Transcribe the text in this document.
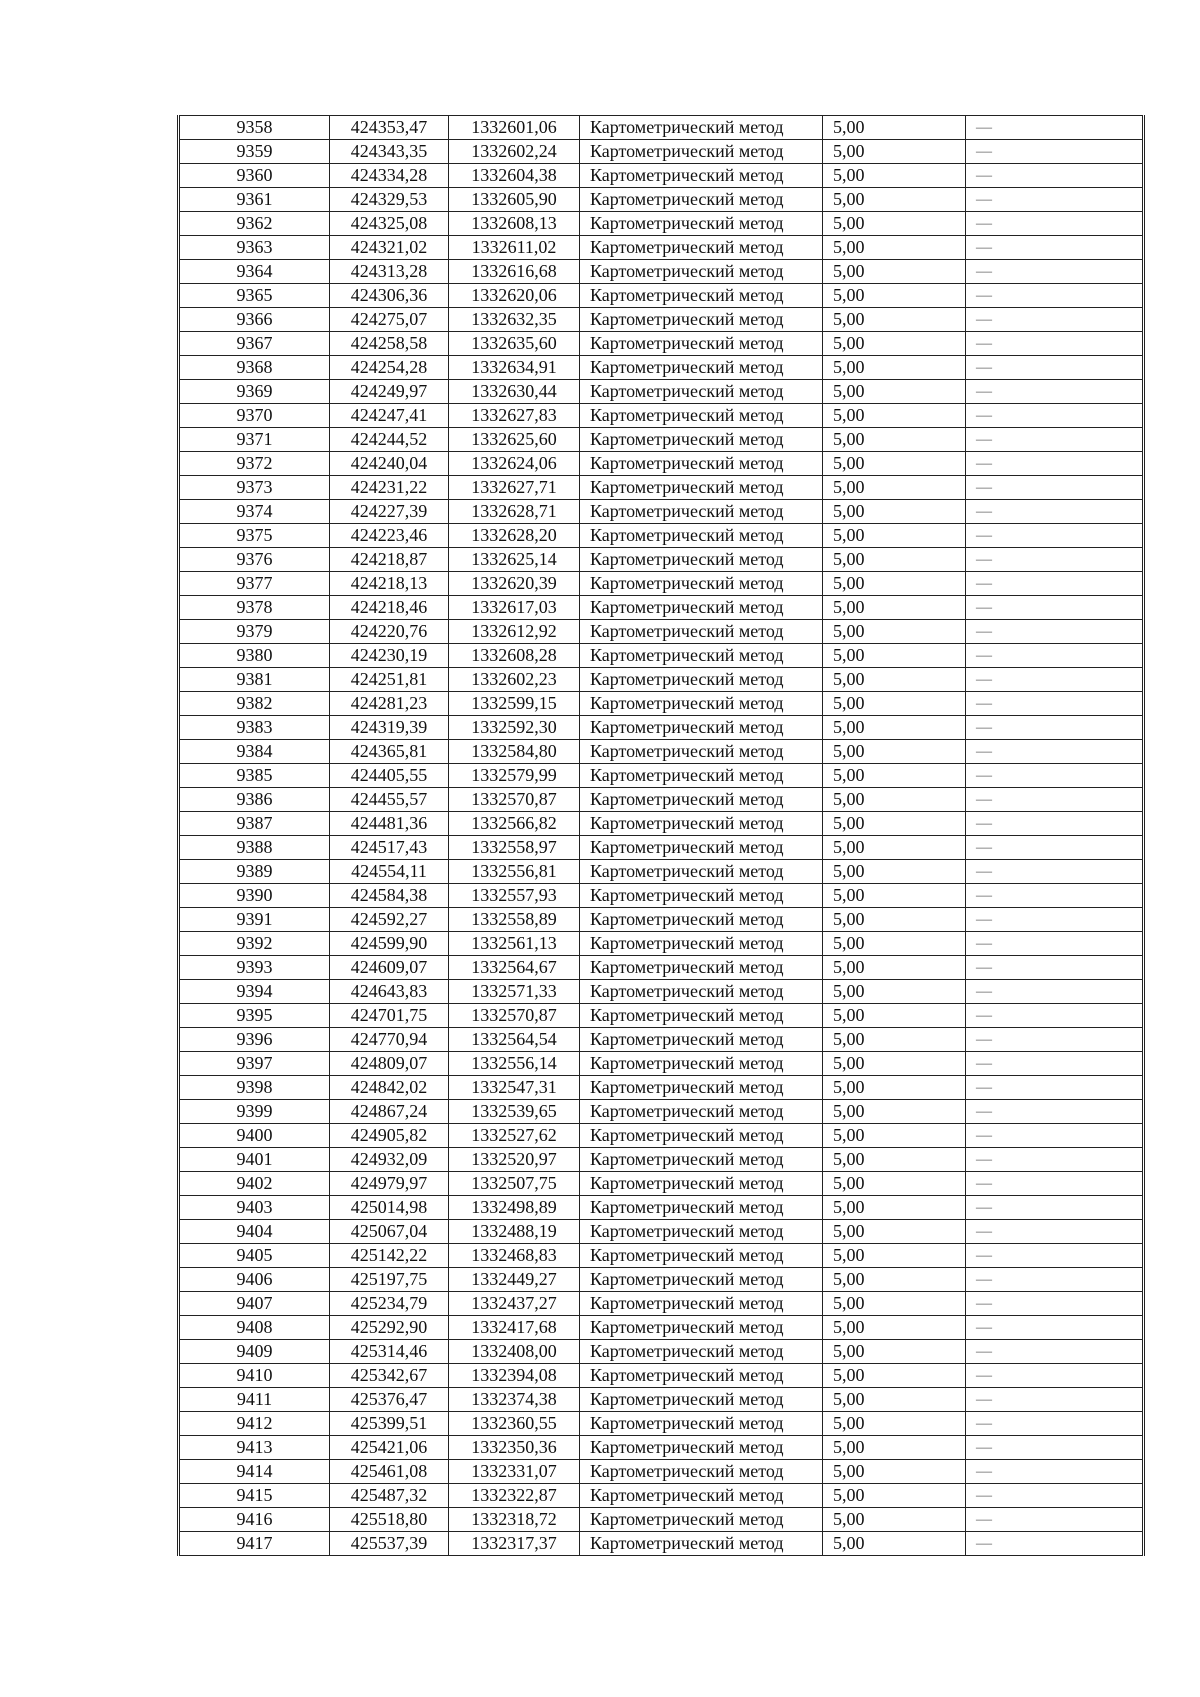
9358	424353,47	1332601,06	Картометрический метод	5,00	—
9359	424343,35	1332602,24	Картометрический метод	5,00	—
9360	424334,28	1332604,38	Картометрический метод	5,00	—
9361	424329,53	1332605,90	Картометрический метод	5,00	—
9362	424325,08	1332608,13	Картометрический метод	5,00	—
9363	424321,02	1332611,02	Картометрический метод	5,00	—
9364	424313,28	1332616,68	Картометрический метод	5,00	—
9365	424306,36	1332620,06	Картометрический метод	5,00	—
9366	424275,07	1332632,35	Картометрический метод	5,00	—
9367	424258,58	1332635,60	Картометрический метод	5,00	—
9368	424254,28	1332634,91	Картометрический метод	5,00	—
9369	424249,97	1332630,44	Картометрический метод	5,00	—
9370	424247,41	1332627,83	Картометрический метод	5,00	—
9371	424244,52	1332625,60	Картометрический метод	5,00	—
9372	424240,04	1332624,06	Картометрический метод	5,00	—
9373	424231,22	1332627,71	Картометрический метод	5,00	—
9374	424227,39	1332628,71	Картометрический метод	5,00	—
9375	424223,46	1332628,20	Картометрический метод	5,00	—
9376	424218,87	1332625,14	Картометрический метод	5,00	—
9377	424218,13	1332620,39	Картометрический метод	5,00	—
9378	424218,46	1332617,03	Картометрический метод	5,00	—
9379	424220,76	1332612,92	Картометрический метод	5,00	—
9380	424230,19	1332608,28	Картометрический метод	5,00	—
9381	424251,81	1332602,23	Картометрический метод	5,00	—
9382	424281,23	1332599,15	Картометрический метод	5,00	—
9383	424319,39	1332592,30	Картометрический метод	5,00	—
9384	424365,81	1332584,80	Картометрический метод	5,00	—
9385	424405,55	1332579,99	Картометрический метод	5,00	—
9386	424455,57	1332570,87	Картометрический метод	5,00	—
9387	424481,36	1332566,82	Картометрический метод	5,00	—
9388	424517,43	1332558,97	Картометрический метод	5,00	—
9389	424554,11	1332556,81	Картометрический метод	5,00	—
9390	424584,38	1332557,93	Картометрический метод	5,00	—
9391	424592,27	1332558,89	Картометрический метод	5,00	—
9392	424599,90	1332561,13	Картометрический метод	5,00	—
9393	424609,07	1332564,67	Картометрический метод	5,00	—
9394	424643,83	1332571,33	Картометрический метод	5,00	—
9395	424701,75	1332570,87	Картометрический метод	5,00	—
9396	424770,94	1332564,54	Картометрический метод	5,00	—
9397	424809,07	1332556,14	Картометрический метод	5,00	—
9398	424842,02	1332547,31	Картометрический метод	5,00	—
9399	424867,24	1332539,65	Картометрический метод	5,00	—
9400	424905,82	1332527,62	Картометрический метод	5,00	—
9401	424932,09	1332520,97	Картометрический метод	5,00	—
9402	424979,97	1332507,75	Картометрический метод	5,00	—
9403	425014,98	1332498,89	Картометрический метод	5,00	—
9404	425067,04	1332488,19	Картометрический метод	5,00	—
9405	425142,22	1332468,83	Картометрический метод	5,00	—
9406	425197,75	1332449,27	Картометрический метод	5,00	—
9407	425234,79	1332437,27	Картометрический метод	5,00	—
9408	425292,90	1332417,68	Картометрический метод	5,00	—
9409	425314,46	1332408,00	Картометрический метод	5,00	—
9410	425342,67	1332394,08	Картометрический метод	5,00	—
9411	425376,47	1332374,38	Картометрический метод	5,00	—
9412	425399,51	1332360,55	Картометрический метод	5,00	—
9413	425421,06	1332350,36	Картометрический метод	5,00	—
9414	425461,08	1332331,07	Картометрический метод	5,00	—
9415	425487,32	1332322,87	Картометрический метод	5,00	—
9416	425518,80	1332318,72	Картометрический метод	5,00	—
9417	425537,39	1332317,37	Картометрический метод	5,00	—
